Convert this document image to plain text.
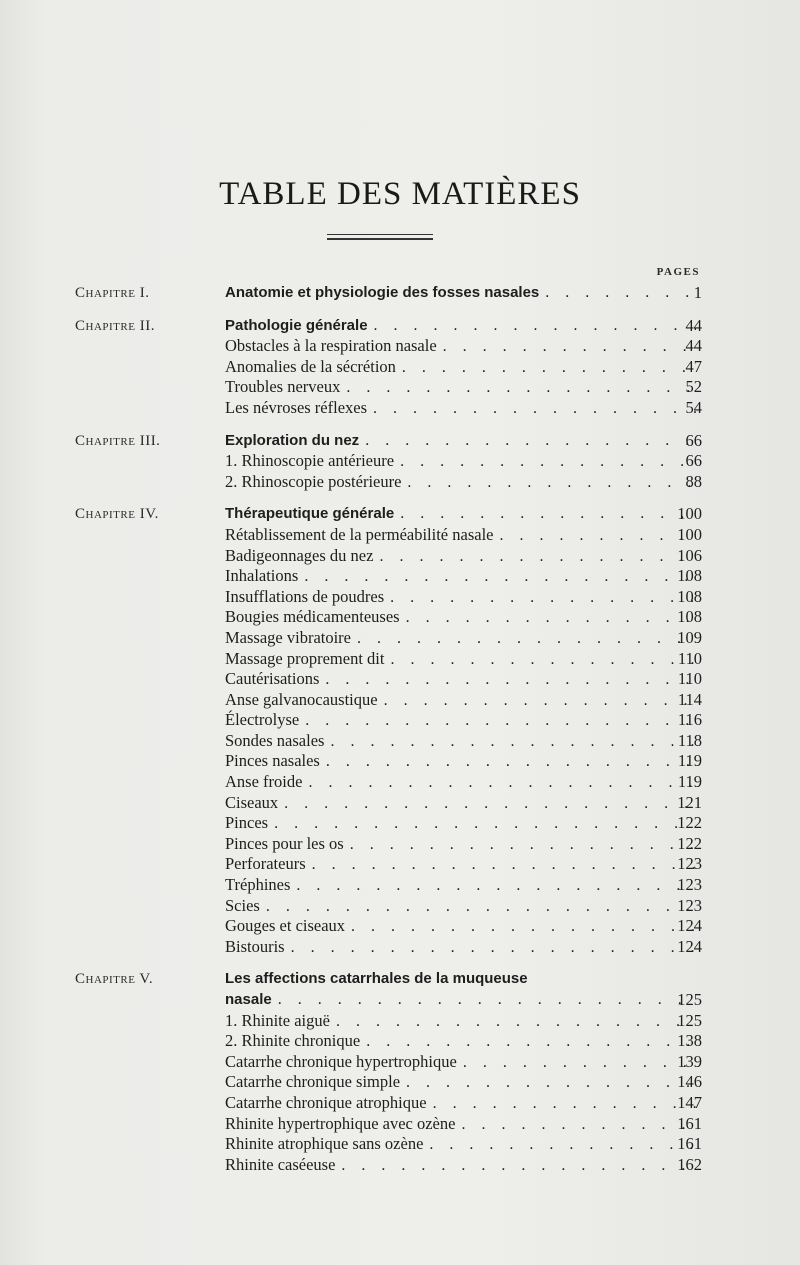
TABLE DES MATIÈRES
PAGES
Chapitre I.	Anatomie et physiologie des fosses nasales . . .	1
Chapitre II.	Pathologie générale . . .	44
Obstacles à la respiration nasale . . .	44
Anomalies de la sécrétion . . .	47
Troubles nerveux . . .	52
Les névroses réflexes . . .	54
Chapitre III.	Exploration du nez . . .	66
1. Rhinoscopie antérieure . . .	66
2. Rhinoscopie postérieure . . .	88
Chapitre IV.	Thérapeutique générale . . .	100
Rétablissement de la perméabilité nasale . . .	100
Badigeonnages du nez . . .	106
Inhalations . . .	108
Insufflations de poudres . . .	108
Bougies médicamenteuses . . .	108
Massage vibratoire . . .	109
Massage proprement dit . . .	110
Cautérisations . . .	110
Anse galvanocaustique . . .	114
Électrolyse . . .	116
Sondes nasales . . .	118
Pinces nasales . . .	119
Anse froide . . .	119
Ciseaux . . .	121
Pinces . . .	122
Pinces pour les os . . .	122
Perforateurs . . .	123
Tréphines . . .	123
Scies . . .	123
Gouges et ciseaux . . .	124
Bistouris . . .	124
Chapitre V.	Les affections catarrhales de la muqueuse
nasale . . .	125
1. Rhinite aiguë . . .	125
2. Rhinite chronique . . .	138
Catarrhe chronique hypertrophique . . .	139
Catarrhe chronique simple . . .	146
Catarrhe chronique atrophique . . .	147
Rhinite hypertrophique avec ozène . . .	161
Rhinite atrophique sans ozène . . .	161
Rhinite caséeuse . . .	162
